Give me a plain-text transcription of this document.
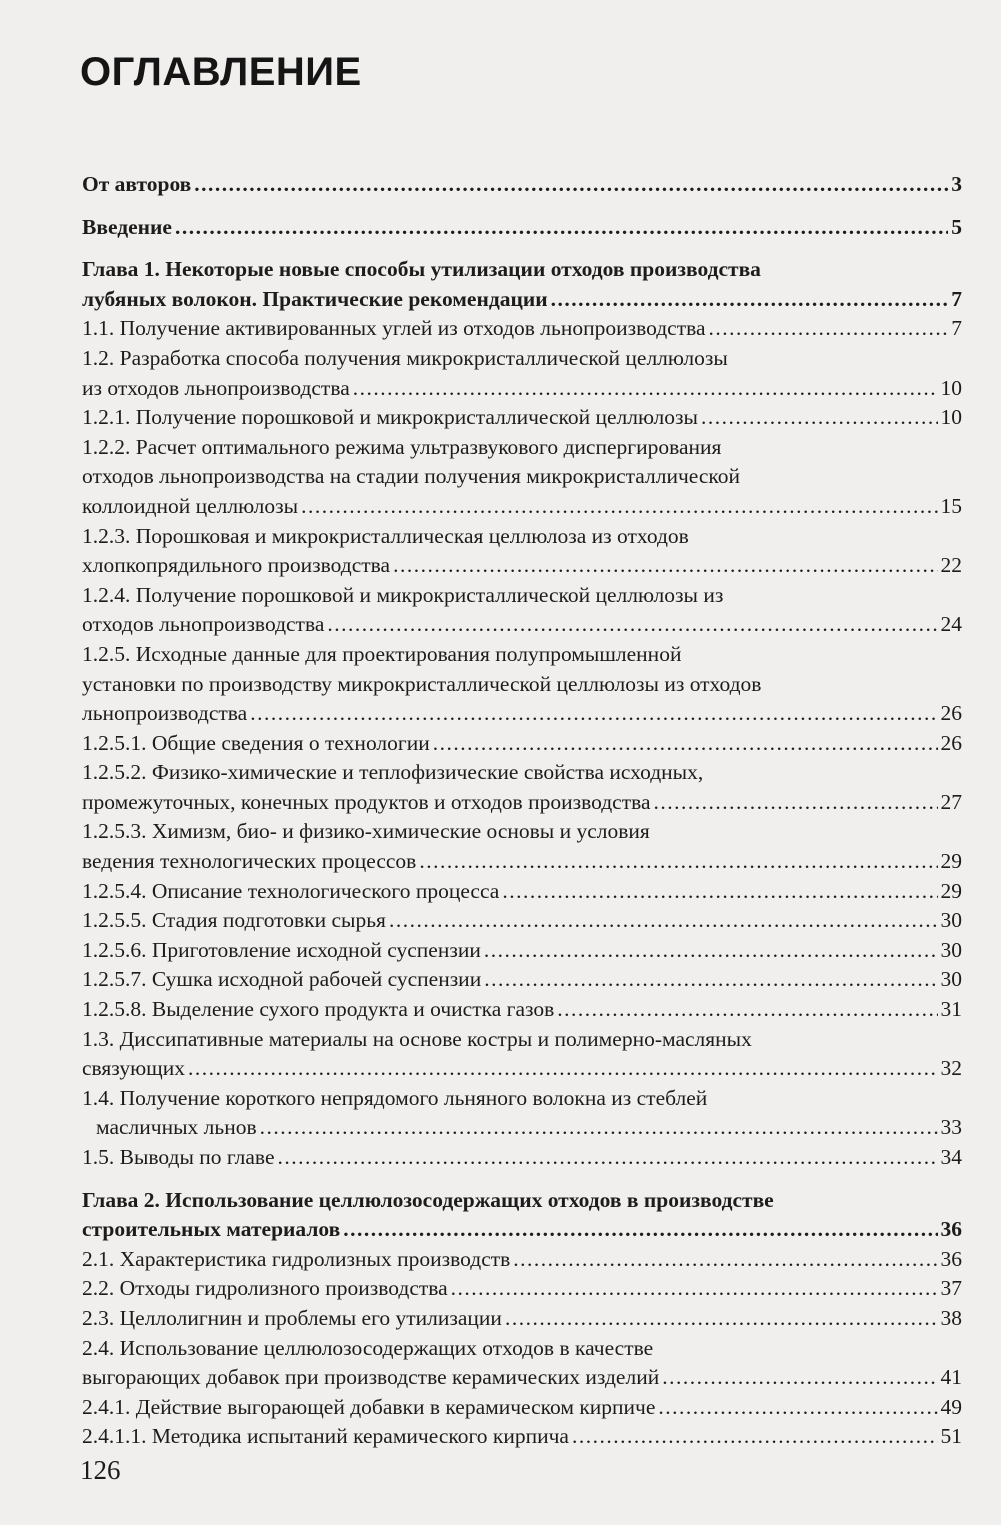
ОГЛАВЛЕНИЕ
От авторов .....	3
Введение .....	5
Глава 1. Некоторые новые способы утилизации отходов производства
лубяных волокон. Практические рекомендации .....	7
1.1. Получение активированных углей из отходов льнопроизводства .....	7
1.2. Разработка способа получения микрокристаллической целлюлозы
из отходов льнопроизводства .....	10
1.2.1. Получение порошковой и микрокристаллической целлюлозы .....	10
1.2.2. Расчет оптимального режима ультразвукового диспергирования
отходов льнопроизводства на стадии получения микрокристаллической
коллоидной целлюлозы .....	15
1.2.3. Порошковая и микрокристаллическая целлюлоза из отходов
хлопкопрядильного производства .....	22
1.2.4. Получение порошковой и микрокристаллической целлюлозы из
отходов льнопроизводства .....	24
1.2.5. Исходные данные для проектирования полупромышленной
установки по производству микрокристаллической целлюлозы из отходов
льнопроизводства .....	26
1.2.5.1. Общие сведения о технологии .....	26
1.2.5.2. Физико-химические и теплофизические свойства исходных,
промежуточных, конечных продуктов и отходов производства .....	27
1.2.5.3. Химизм, био- и физико-химические основы и условия
ведения технологических процессов .....	29
1.2.5.4. Описание технологического процесса .....	29
1.2.5.5. Стадия подготовки сырья .....	30
1.2.5.6. Приготовление исходной суспензии .....	30
1.2.5.7. Сушка исходной рабочей суспензии .....	30
1.2.5.8. Выделение сухого продукта и очистка газов .....	31
1.3. Диссипативные материалы на основе костры и полимерно-масляных
связующих .....	32
1.4. Получение короткого непрядомого льняного волокна из стеблей
масличных льнов .....	33
1.5. Выводы по главе .....	34
Глава 2. Использование целлюлозосодержащих отходов в производстве
строительных материалов .....	36
2.1. Характеристика гидролизных производств .....	36
2.2. Отходы гидролизного производства .....	37
2.3. Целлолигнин и проблемы его утилизации .....	38
2.4. Использование целлюлозосодержащих отходов в качестве
выгорающих добавок при производстве керамических изделий .....	41
2.4.1. Действие выгорающей добавки в керамическом кирпиче .....	49
2.4.1.1. Методика испытаний керамического кирпича .....	51
126
